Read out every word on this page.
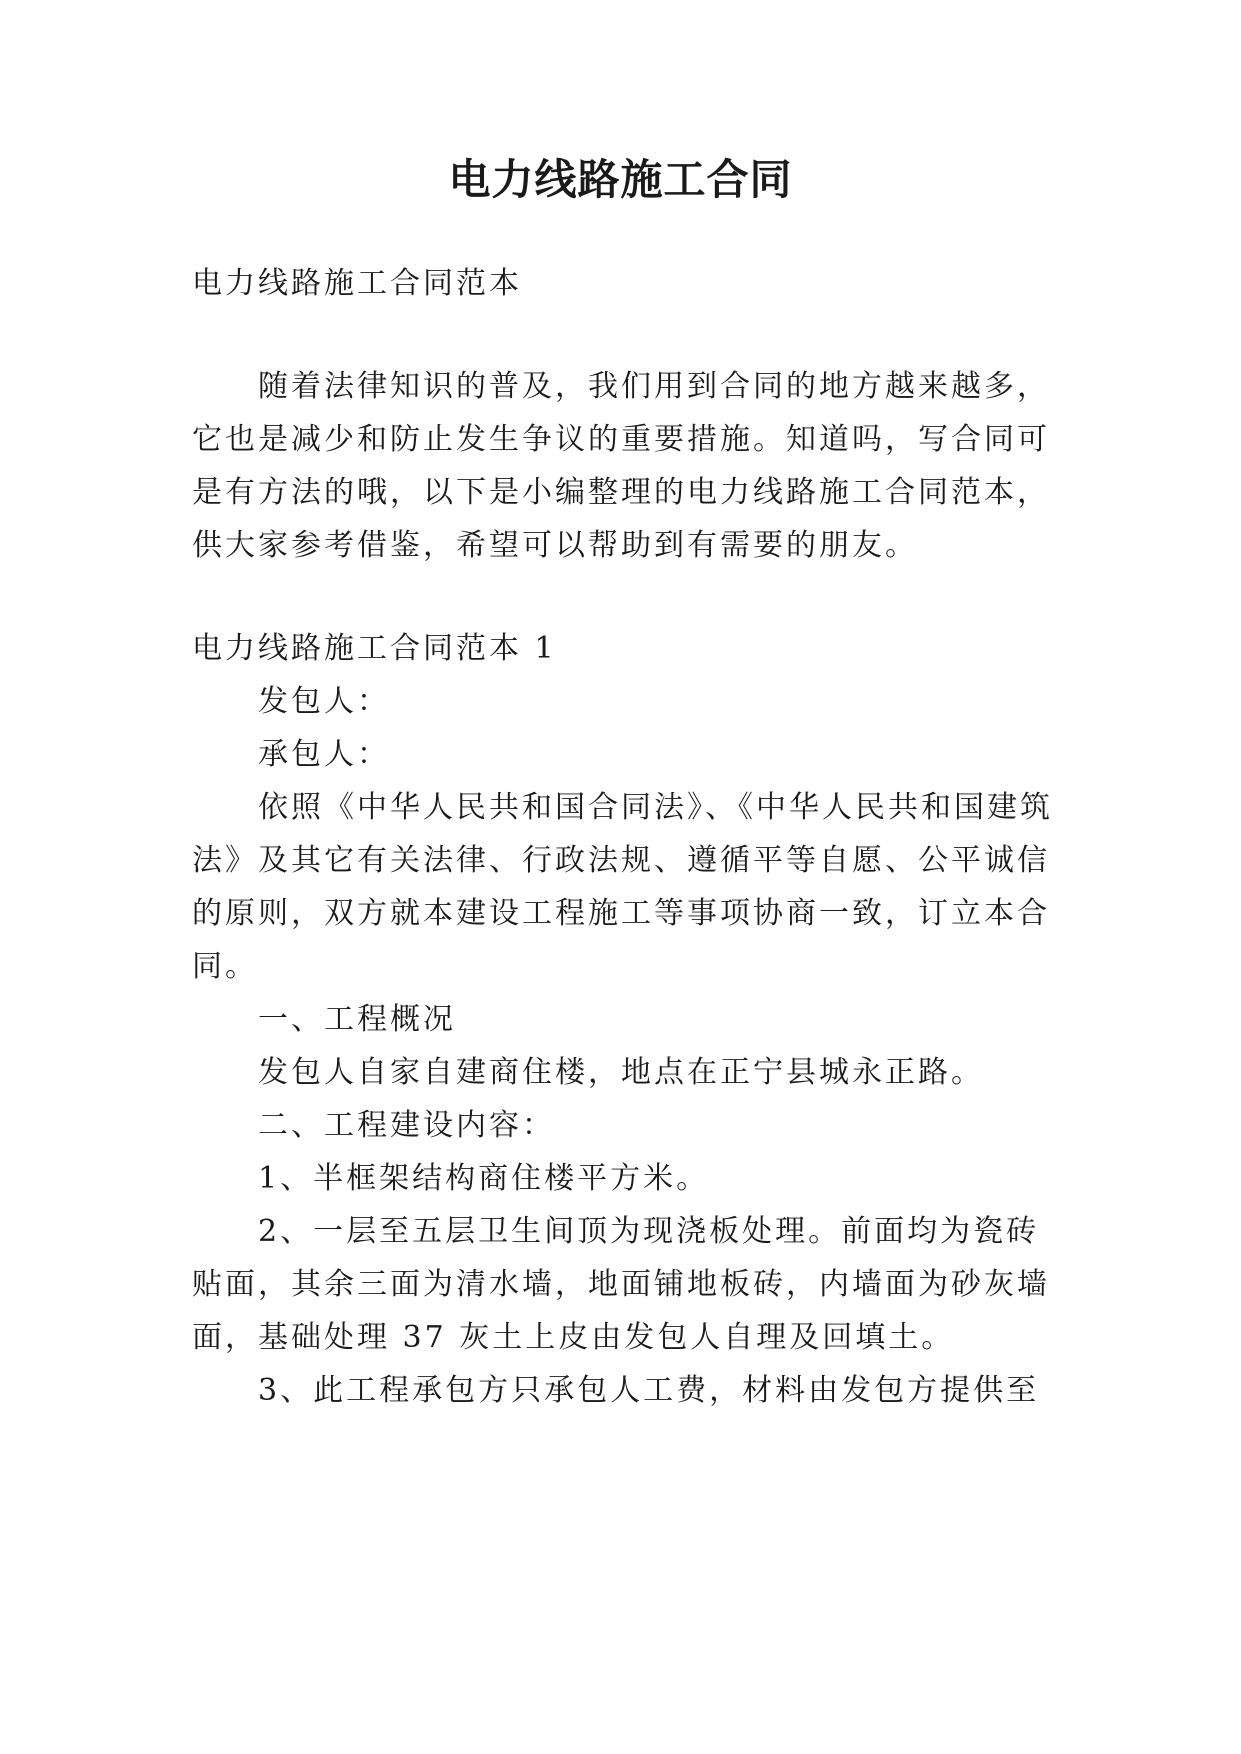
电力线路施工合同
电力线路施工合同范本
随着法律知识的普及，我们用到合同的地方越来越多，
它也是减少和防止发生争议的重要措施。知道吗，写合同可
是有方法的哦，以下是小编整理的电力线路施工合同范本，
供大家参考借鉴，希望可以帮助到有需要的朋友。
电力线路施工合同范本 1
发包人：
承包人：
依照《中华人民共和国合同法》、《中华人民共和国建筑
法》及其它有关法律、行政法规、遵循平等自愿、公平诚信
的原则，双方就本建设工程施工等事项协商一致，订立本合
同。
一、工程概况
发包人自家自建商住楼，地点在正宁县城永正路。
二、工程建设内容：
1、半框架结构商住楼平方米。
2、一层至五层卫生间顶为现浇板处理。前面均为瓷砖
贴面，其余三面为清水墙，地面铺地板砖，内墙面为砂灰墙
面，基础处理 37 灰土上皮由发包人自理及回填土。
3、此工程承包方只承包人工费，材料由发包方提供至
